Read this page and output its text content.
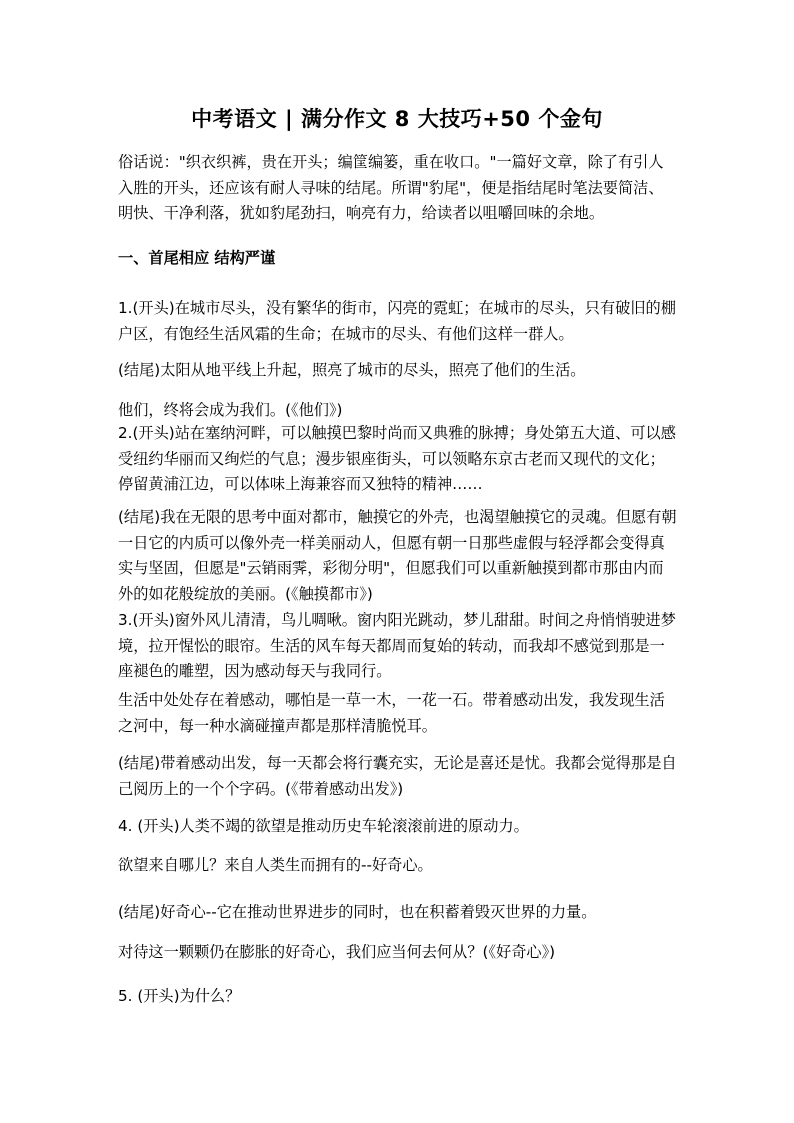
中考语文 | 满分作文 8 大技巧+50 个金句

俗话说："织衣织裤，贵在开头；编筐编篓，重在收口。"一篇好文章，除了有引人入胜的开头，还应该有耐人寻味的结尾。所谓"豹尾"，便是指结尾时笔法要简洁、明快、干净利落，犹如豹尾劲扫，响亮有力，给读者以咀嚼回味的余地。

一、首尾相应 结构严谨

1.(开头)在城市尽头，没有繁华的街市，闪亮的霓虹；在城市的尽头，只有破旧的棚户区，有饱经生活风霜的生命；在城市的尽头、有他们这样一群人。

(结尾)太阳从地平线上升起，照亮了城市的尽头，照亮了他们的生活。

他们，终将会成为我们。(《他们》)

2.(开头)站在塞纳河畔，可以触摸巴黎时尚而又典雅的脉搏；身处第五大道、可以感受纽约华丽而又绚烂的气息；漫步银座街头，可以领略东京古老而又现代的文化；停留黄浦江边，可以体味上海兼容而又独特的精神……

(结尾)我在无限的思考中面对都市，触摸它的外壳，也渴望触摸它的灵魂。但愿有朝一日它的内质可以像外壳一样美丽动人，但愿有朝一日那些虚假与轻浮都会变得真实与坚固，但愿是"云销雨霁，彩彻分明"，但愿我们可以重新触摸到都市那由内而外的如花般绽放的美丽。(《触摸都市》)

3.(开头)窗外风儿清清，鸟儿啁啾。窗内阳光跳动，梦儿甜甜。时间之舟悄悄驶进梦境，拉开惺忪的眼帘。生活的风车每天都周而复始的转动，而我却不感觉到那是一座褪色的雕塑，因为感动每天与我同行。

生活中处处存在着感动，哪怕是一草一木，一花一石。带着感动出发，我发现生活之河中，每一种水滴碰撞声都是那样清脆悦耳。

(结尾)带着感动出发，每一天都会将行囊充实，无论是喜还是忧。我都会觉得那是自己阅历上的一个个字码。(《带着感动出发》)

4. (开头)人类不竭的欲望是推动历史车轮滚滚前进的原动力。

欲望来自哪儿？来自人类生而拥有的--好奇心。

(结尾)好奇心--它在推动世界进步的同时，也在积蓄着毁灭世界的力量。

对待这一颗颗仍在膨胀的好奇心，我们应当何去何从？(《好奇心》)

5. (开头)为什么？
